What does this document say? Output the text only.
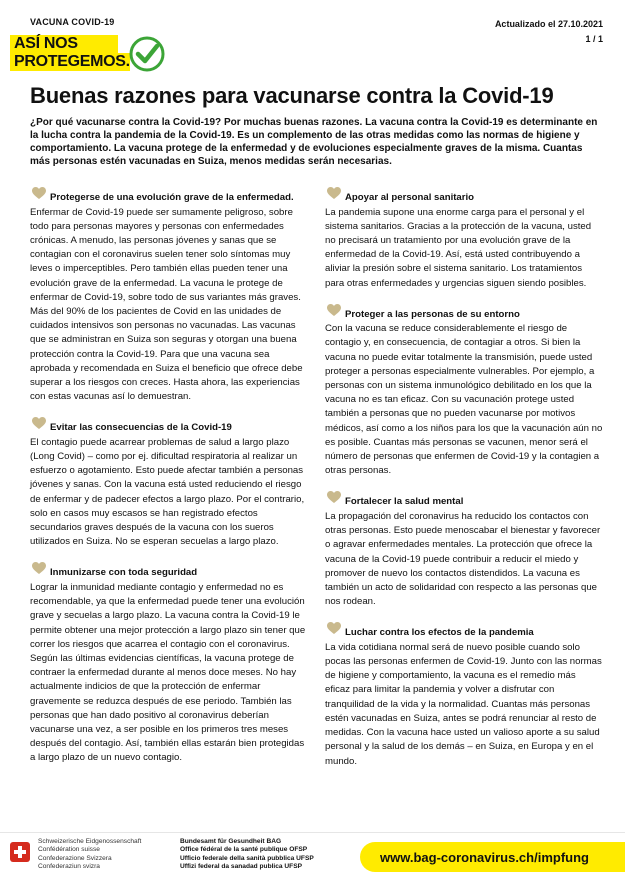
VACUNA COVID-19	Actualizado el 27.10.2021
1 / 1
ASÍ NOS
PROTEGEMOS.
Buenas razones para vacunarse contra la Covid-19

¿Por qué vacunarse contra la Covid-19? Por muchas buenas razones. La vacuna contra la Covid-19 es determinante en la lucha contra la pandemia de la Covid-19. Es un complemento de las otras medidas como las normas de higiene y comportamiento. La vacuna protege de la enfermedad y de evoluciones especialmente graves de la misma. Cuantas más personas estén vacunadas en Suiza, menos medidas serán necesarias.

Protegerse de una evolución grave de la enfermedad.

Enfermar de Covid-19 puede ser sumamente peligroso, sobre todo para personas mayores y personas con enfermedades crónicas. A menudo, las personas jóvenes y sanas que se contagian con el coronavirus suelen tener solo síntomas muy leves o imperceptibles. Pero también ellas pueden tener una evolución grave de la enfermedad. La vacuna le protege de enfermar de Covid-19, sobre todo de sus variantes más graves. Más del 90% de los pacientes de Covid en las unidades de cuidados intensivos son personas no vacunadas. Las vacunas que se administran en Suiza son seguras y otorgan una buena protección contra la Covid-19. Para que una vacuna sea aprobada y recomendada en Suiza el beneficio que ofrece debe superar a los riesgos con creces. Hasta ahora, las experiencias con estas vacunas así lo demuestran.

Evitar las consecuencias de la Covid-19

El contagio puede acarrear problemas de salud a largo plazo (Long Covid) – como por ej. dificultad respiratoria al realizar un esfuerzo o agotamiento. Esto puede afectar también a personas jóvenes y sanas. Con la vacuna está usted reduciendo el riesgo de enfermar y de padecer efectos a largo plazo. Por el contrario, solo en casos muy escasos se han registrado efectos secundarios graves después de la vacuna con los sueros utilizados en Suiza. No se esperan secuelas a largo plazo.

Inmunizarse con toda seguridad

Lograr la inmunidad mediante contagio y enfermedad no es recomendable, ya que la enfermedad puede tener una evolución grave y secuelas a largo plazo. La vacuna contra la Covid-19 le permite obtener una mejor protección a largo plazo sin tener que correr los riesgos que acarrea el contagio con el coronavirus. Según las últimas evidencias científicas, la vacuna protege de contraer la enfermedad durante al menos doce meses. No hay actualmente indicios de que la protección de enfermar gravemente se reduzca después de ese periodo. También las personas que han dado positivo al coronavirus deberían vacunarse una vez, a ser posible en los primeros tres meses después del contagio. Así, también ellas estarán bien protegidas a largo plazo de un nuevo contagio.

Apoyar al personal sanitario

La pandemia supone una enorme carga para el personal y el sistema sanitarios. Gracias a la protección de la vacuna, usted no precisará un tratamiento por una evolución grave de la enfermedad de la Covid-19. Así, está usted contribuyendo a aliviar la presión sobre el sistema sanitario. Los tratamientos para otras enfermedades y urgencias siguen siendo posibles.

Proteger a las personas de su entorno

Con la vacuna se reduce considerablemente el riesgo de contagio y, en consecuencia, de contagiar a otros. Si bien la vacuna no puede evitar totalmente la transmisión, puede usted proteger a personas especialmente vulnerables. Por ejemplo, a personas con un sistema inmunológico debilitado en los que la vacuna no es tan eficaz. Con su vacunación protege usted también a personas que no pueden vacunarse por motivos médicos, así como a los niños para los que la vacunación aún no es posible. Cuantas más personas se vacunen, menor será el número de personas que enfermen de Covid-19 y la contagien a otras personas.

Fortalecer la salud mental

La propagación del coronavirus ha reducido los contactos con otras personas. Esto puede menoscabar el bienestar y favorecer o agravar enfermedades mentales. La protección que ofrece la vacuna de la Covid-19 puede contribuir a reducir el miedo y promover de nuevo los contactos distendidos. La vacuna es también un acto de solidaridad con respecto a las personas que nos rodean.

Luchar contra los efectos de la pandemia

La vida cotidiana normal será de nuevo posible cuando solo pocas las personas enfermen de Covid-19. Junto con las normas de higiene y comportamiento, la vacuna es el remedio más eficaz para limitar la pandemia y volver a disfrutar con tranquilidad de la vida y la normalidad. Cuantas más personas estén vacunadas en Suiza, antes se podrá renunciar al resto de medidas. Con la vacuna hace usted un valioso aporte a su salud personal y la salud de los demás – en Suiza, en Europa y en el mundo.

Schweizerische Eidgenossenschaft
Confédération suisse
Confederazione Svizzera
Confederaziun svizra
Bundesamt für Gesundheit BAG
Office fédéral de la santé publique OFSP
Ufficio federale della sanità pubblica UFSP
Uffizi federal da sanadad publica UFSP
www.bag-coronavirus.ch/impfung
